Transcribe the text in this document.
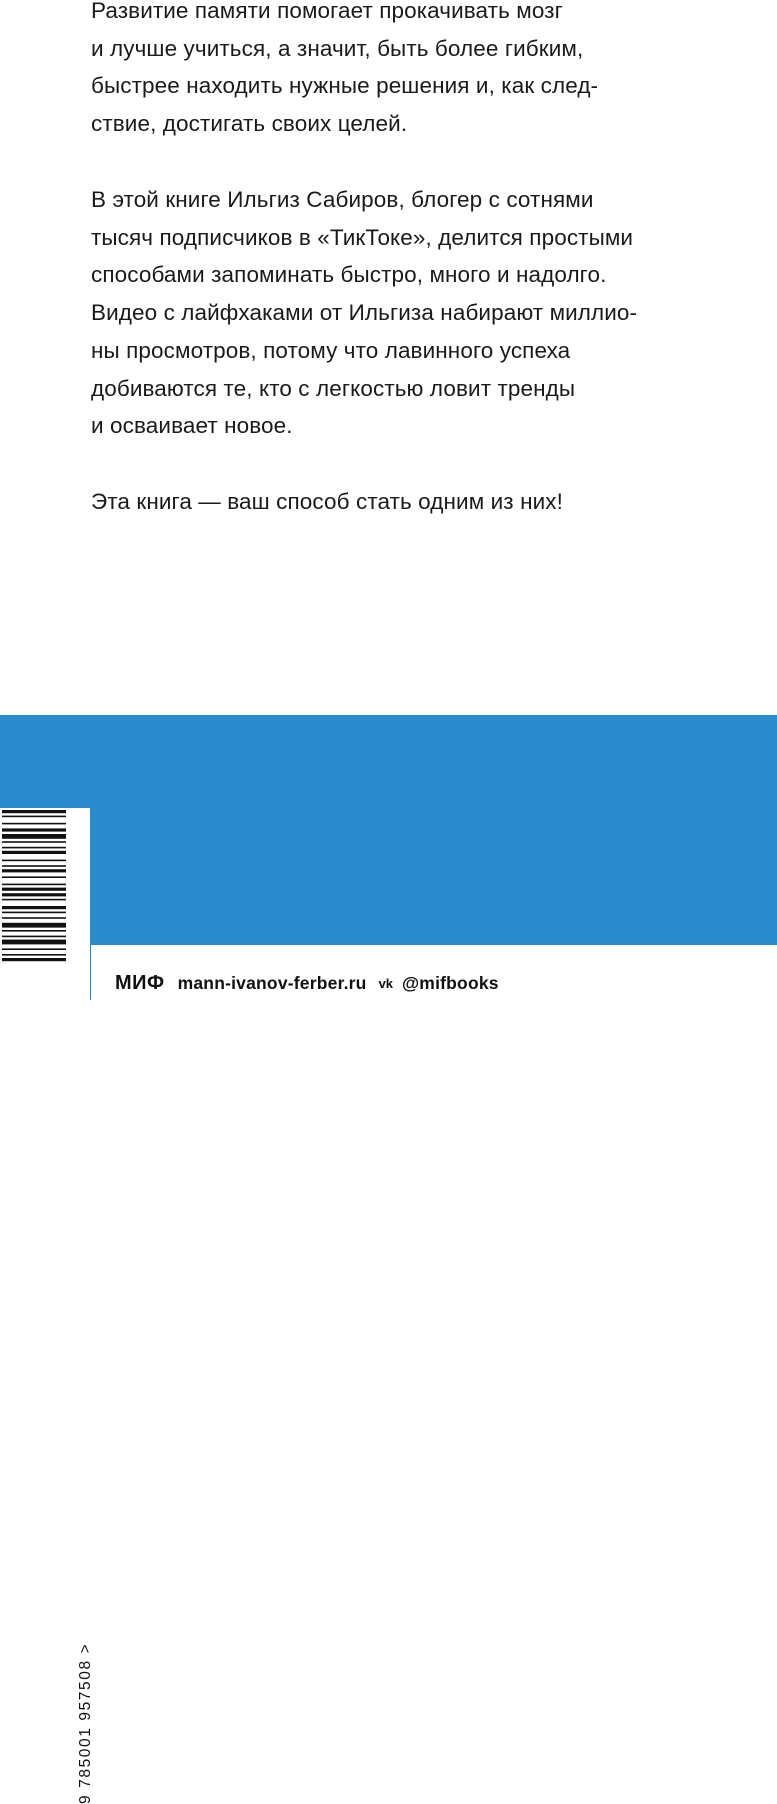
Развитие памяти помогает прокачивать мозг
и лучше учиться, а значит, быть более гибким,
быстрее находить нужные решения и, как след-
ствие, достигать своих целей.
В этой книге Ильгиз Сабиров, блогер с сотнями
тысяч подписчиков в «ТикТоке», делится простыми
способами запоминать быстро, много и надолго.
Видео с лайфхаками от Ильгиза набирают миллио-
ны просмотров, потому что лавинного успеха
добиваются те, кто с легкостью ловит тренды
и осваивает новое.
Эта книга — ваш способ стать одним из них!
9 785001 957508 >
МИФ mann-ivanov-ferber.ru vk @mifbooks
